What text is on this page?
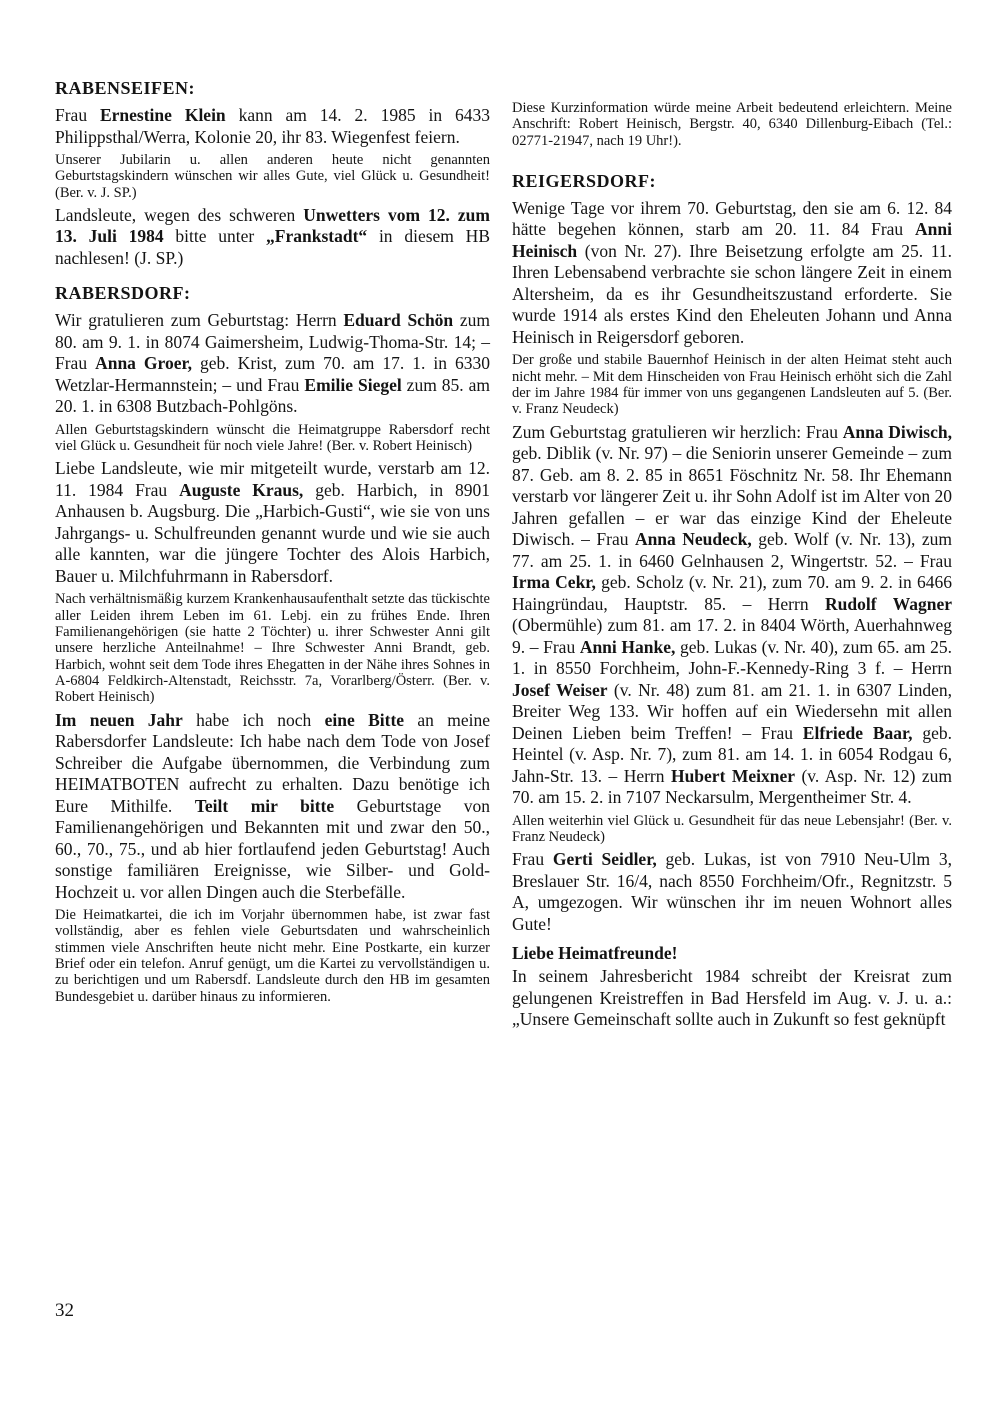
RABENSEIFEN:

Frau Ernestine Klein kann am 14. 2. 1985 in 6433 Philippsthal/Werra, Kolonie 20, ihr 83. Wiegenfest feiern.

Unserer Jubilarin u. allen anderen heute nicht genannten Geburtstagskindern wünschen wir alles Gute, viel Glück u. Gesundheit! (Ber. v. J. SP.)

Landsleute, wegen des schweren Unwetters vom 12. zum 13. Juli 1984 bitte unter „Frankstadt“ in diesem HB nachlesen! (J. SP.)

RABERSDORF:

Wir gratulieren zum Geburtstag: Herrn Eduard Schön zum 80. am 9. 1. in 8074 Gaimersheim, Ludwig-Thoma-Str. 14; – Frau Anna Groer, geb. Krist, zum 70. am 17. 1. in 6330 Wetzlar-Hermannstein; – und Frau Emilie Siegel zum 85. am 20. 1. in 6308 Butzbach-Pohlgöns.

Allen Geburtstagskindern wünscht die Heimatgruppe Rabersdorf recht viel Glück u. Gesundheit für noch viele Jahre! (Ber. v. Robert Heinisch)

Liebe Landsleute, wie mir mitgeteilt wurde, verstarb am 12. 11. 1984 Frau Auguste Kraus, geb. Harbich, in 8901 Anhausen b. Augsburg. Die „Harbich-Gusti“, wie sie von uns Jahrgangs- u. Schulfreunden genannt wurde und wie sie auch alle kannten, war die jüngere Tochter des Alois Harbich, Bauer u. Milchfuhrmann in Rabersdorf.

Nach verhältnismäßig kurzem Krankenhausaufenthalt setzte das tückischte aller Leiden ihrem Leben im 61. Lebj. ein zu frühes Ende. Ihren Familienangehörigen (sie hatte 2 Töchter) u. ihrer Schwester Anni gilt unsere herzliche Anteilnahme! – Ihre Schwester Anni Brandt, geb. Harbich, wohnt seit dem Tode ihres Ehegatten in der Nähe ihres Sohnes in A-6804 Feldkirch-Altenstadt, Reichsstr. 7a, Vorarlberg/Österr. (Ber. v. Robert Heinisch)

Im neuen Jahr habe ich noch eine Bitte an meine Rabersdorfer Landsleute: Ich habe nach dem Tode von Josef Schreiber die Aufgabe übernommen, die Verbindung zum HEIMATBOTEN aufrecht zu erhalten. Dazu benötige ich Eure Mithilfe. Teilt mir bitte Geburtstage von Familienangehörigen und Bekannten mit und zwar den 50., 60., 70., 75., und ab hier fortlaufend jeden Geburtstag! Auch sonstige familiären Ereignisse, wie Silber- und Gold-Hochzeit u. vor allen Dingen auch die Sterbefälle.

Die Heimatkartei, die ich im Vorjahr übernommen habe, ist zwar fast vollständig, aber es fehlen viele Geburtsdaten und wahrscheinlich stimmen viele Anschriften heute nicht mehr. Eine Postkarte, ein kurzer Brief oder ein telefon. Anruf genügt, um die Kartei zu vervollständigen u. zu berichtigen und um Rabersdf. Landsleute durch den HB im gesamten Bundesgebiet u. darüber hinaus zu informieren.

Diese Kurzinformation würde meine Arbeit bedeutend erleichtern. Meine Anschrift: Robert Heinisch, Bergstr. 40, 6340 Dillenburg-Eibach (Tel.: 02771-21947, nach 19 Uhr!).

REIGERSDORF:

Wenige Tage vor ihrem 70. Geburtstag, den sie am 6. 12. 84 hätte begehen können, starb am 20. 11. 84 Frau Anni Heinisch (von Nr. 27). Ihre Beisetzung erfolgte am 25. 11. Ihren Lebensabend verbrachte sie schon längere Zeit in einem Altersheim, da es ihr Gesundheitszustand erforderte. Sie wurde 1914 als erstes Kind den Eheleuten Johann und Anna Heinisch in Reigersdorf geboren.

Der große und stabile Bauernhof Heinisch in der alten Heimat steht auch nicht mehr. – Mit dem Hinscheiden von Frau Heinisch erhöht sich die Zahl der im Jahre 1984 für immer von uns gegangenen Landsleuten auf 5. (Ber. v. Franz Neudeck)

Zum Geburtstag gratulieren wir herzlich: Frau Anna Diwisch, geb. Diblik (v. Nr. 97) – die Seniorin unserer Gemeinde – zum 87. Geb. am 8. 2. 85 in 8651 Föschnitz Nr. 58. Ihr Ehemann verstarb vor längerer Zeit u. ihr Sohn Adolf ist im Alter von 20 Jahren gefallen – er war das einzige Kind der Eheleute Diwisch. – Frau Anna Neudeck, geb. Wolf (v. Nr. 13), zum 77. am 25. 1. in 6460 Gelnhausen 2, Wingertstr. 52. – Frau Irma Cekr, geb. Scholz (v. Nr. 21), zum 70. am 9. 2. in 6466 Haingründau, Hauptstr. 85. – Herrn Rudolf Wagner (Obermühle) zum 81. am 17. 2. in 8404 Wörth, Auerhahnweg 9. – Frau Anni Hanke, geb. Lukas (v. Nr. 40), zum 65. am 25. 1. in 8550 Forchheim, John-F.-Kennedy-Ring 3 f. – Herrn Josef Weiser (v. Nr. 48) zum 81. am 21. 1. in 6307 Linden, Breiter Weg 133. Wir hoffen auf ein Wiedersehn mit allen Deinen Lieben beim Treffen! – Frau Elfriede Baar, geb. Heintel (v. Asp. Nr. 7), zum 81. am 14. 1. in 6054 Rodgau 6, Jahn-Str. 13. – Herrn Hubert Meixner (v. Asp. Nr. 12) zum 70. am 15. 2. in 7107 Neckarsulm, Mergentheimer Str. 4.

Allen weiterhin viel Glück u. Gesundheit für das neue Lebensjahr! (Ber. v. Franz Neudeck)

Frau Gerti Seidler, geb. Lukas, ist von 7910 Neu-Ulm 3, Breslauer Str. 16/4, nach 8550 Forchheim/Ofr., Regnitzstr. 5 A, umgezogen. Wir wünschen ihr im neuen Wohnort alles Gute!

Liebe Heimatfreunde!

In seinem Jahresbericht 1984 schreibt der Kreisrat zum gelungenen Kreistreffen in Bad Hersfeld im Aug. v. J. u. a.: „Unsere Gemeinschaft sollte auch in Zukunft so fest geknüpft

32
